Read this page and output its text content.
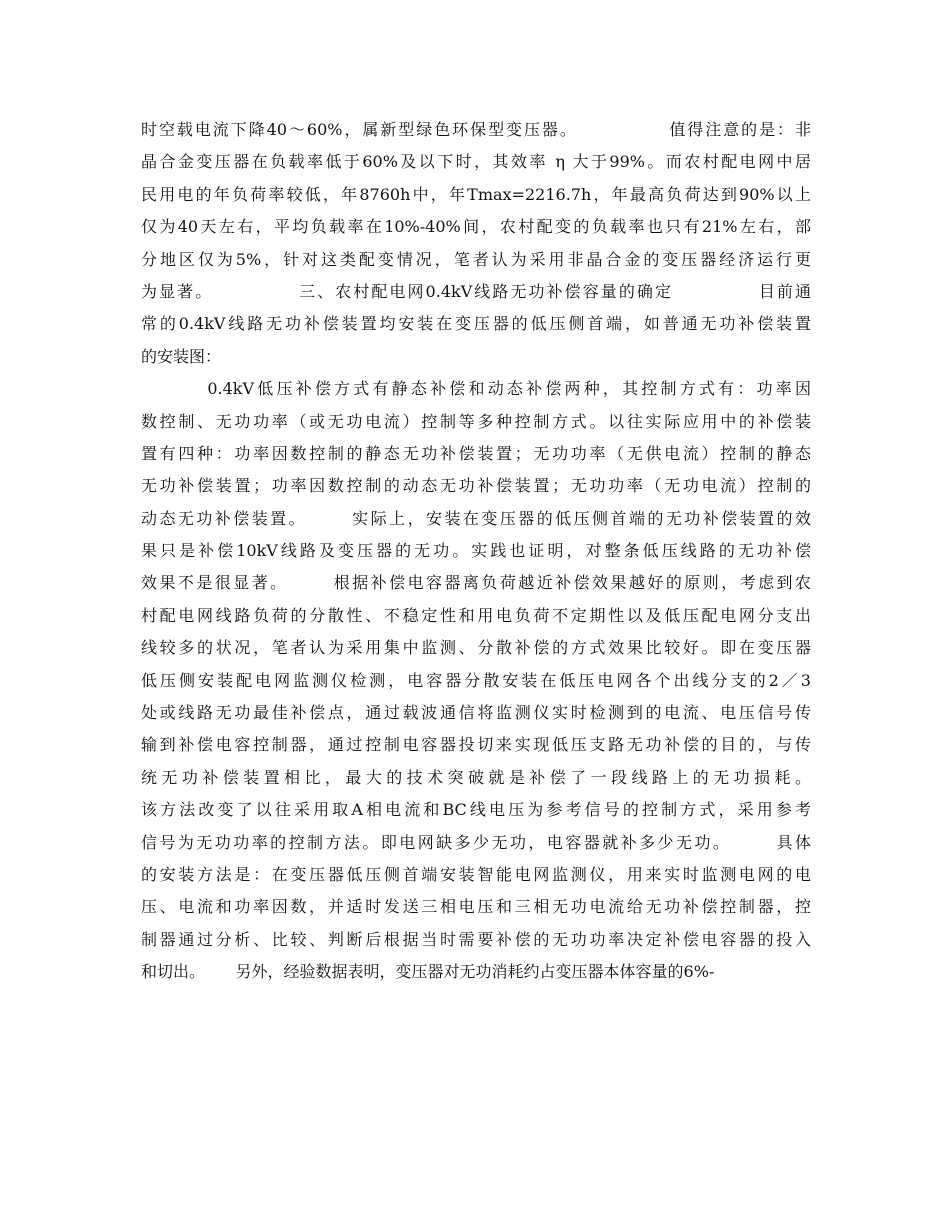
时空载电流下降40～60%，属新型绿色环保型变压器。             值得注意的是：非
晶合金变压器在负载率低于60%及以下时，其效率 η 大于99%。而农村配电网中居
民用电的年负荷率较低，年8760h中，年Tmax=2216.7h，年最高负荷达到90%以上
仅为40天左右，平均负载率在10%-40%间，农村配变的负载率也只有21%左右，部
分地区仅为5%，针对这类配变情况，笔者认为采用非晶合金的变压器经济运行更
为显著。            三、农村配电网0.4kV线路无功补偿容量的确定            目前通
常的0.4kV线路无功补偿装置均安装在变压器的低压侧首端，如普通无功补偿装置
的安装图：
0.4kV低压补偿方式有静态补偿和动态补偿两种，其控制方式有：功率因
数控制、无功功率（或无功电流）控制等多种控制方式。以往实际应用中的补偿装
置有四种：功率因数控制的静态无功补偿装置；无功功率（无供电流）控制的静态
无功补偿装置；功率因数控制的动态无功补偿装置；无功功率（无功电流）控制的
动态无功补偿装置。      实际上，安装在变压器的低压侧首端的无功补偿装置的效
果只是补偿10kV线路及变压器的无功。实践也证明，对整条低压线路的无功补偿
效果不是很显著。      根据补偿电容器离负荷越近补偿效果越好的原则，考虑到农
村配电网线路负荷的分散性、不稳定性和用电负荷不定期性以及低压配电网分支出
线较多的状况，笔者认为采用集中监测、分散补偿的方式效果比较好。即在变压器
低压侧安装配电网监测仪检测，电容器分散安装在低压电网各个出线分支的2／3
处或线路无功最佳补偿点，通过载波通信将监测仪实时检测到的电流、电压信号传
输到补偿电容控制器，通过控制电容器投切来实现低压支路无功补偿的目的，与传
统无功补偿装置相比，最大的技术突破就是补偿了一段线路上的无功损耗。
该方法改变了以往采用取A相电流和BC线电压为参考信号的控制方式，采用参考
信号为无功功率的控制方法。即电网缺多少无功，电容器就补多少无功。      具体
的安装方法是：在变压器低压侧首端安装智能电网监测仪，用来实时监测电网的电
压、电流和功率因数，并适时发送三相电压和三相无功电流给无功补偿控制器，控
制器通过分析、比较、判断后根据当时需要补偿的无功功率决定补偿电容器的投入
和切出。      另外，经验数据表明，变压器对无功消耗约占变压器本体容量的6%-
